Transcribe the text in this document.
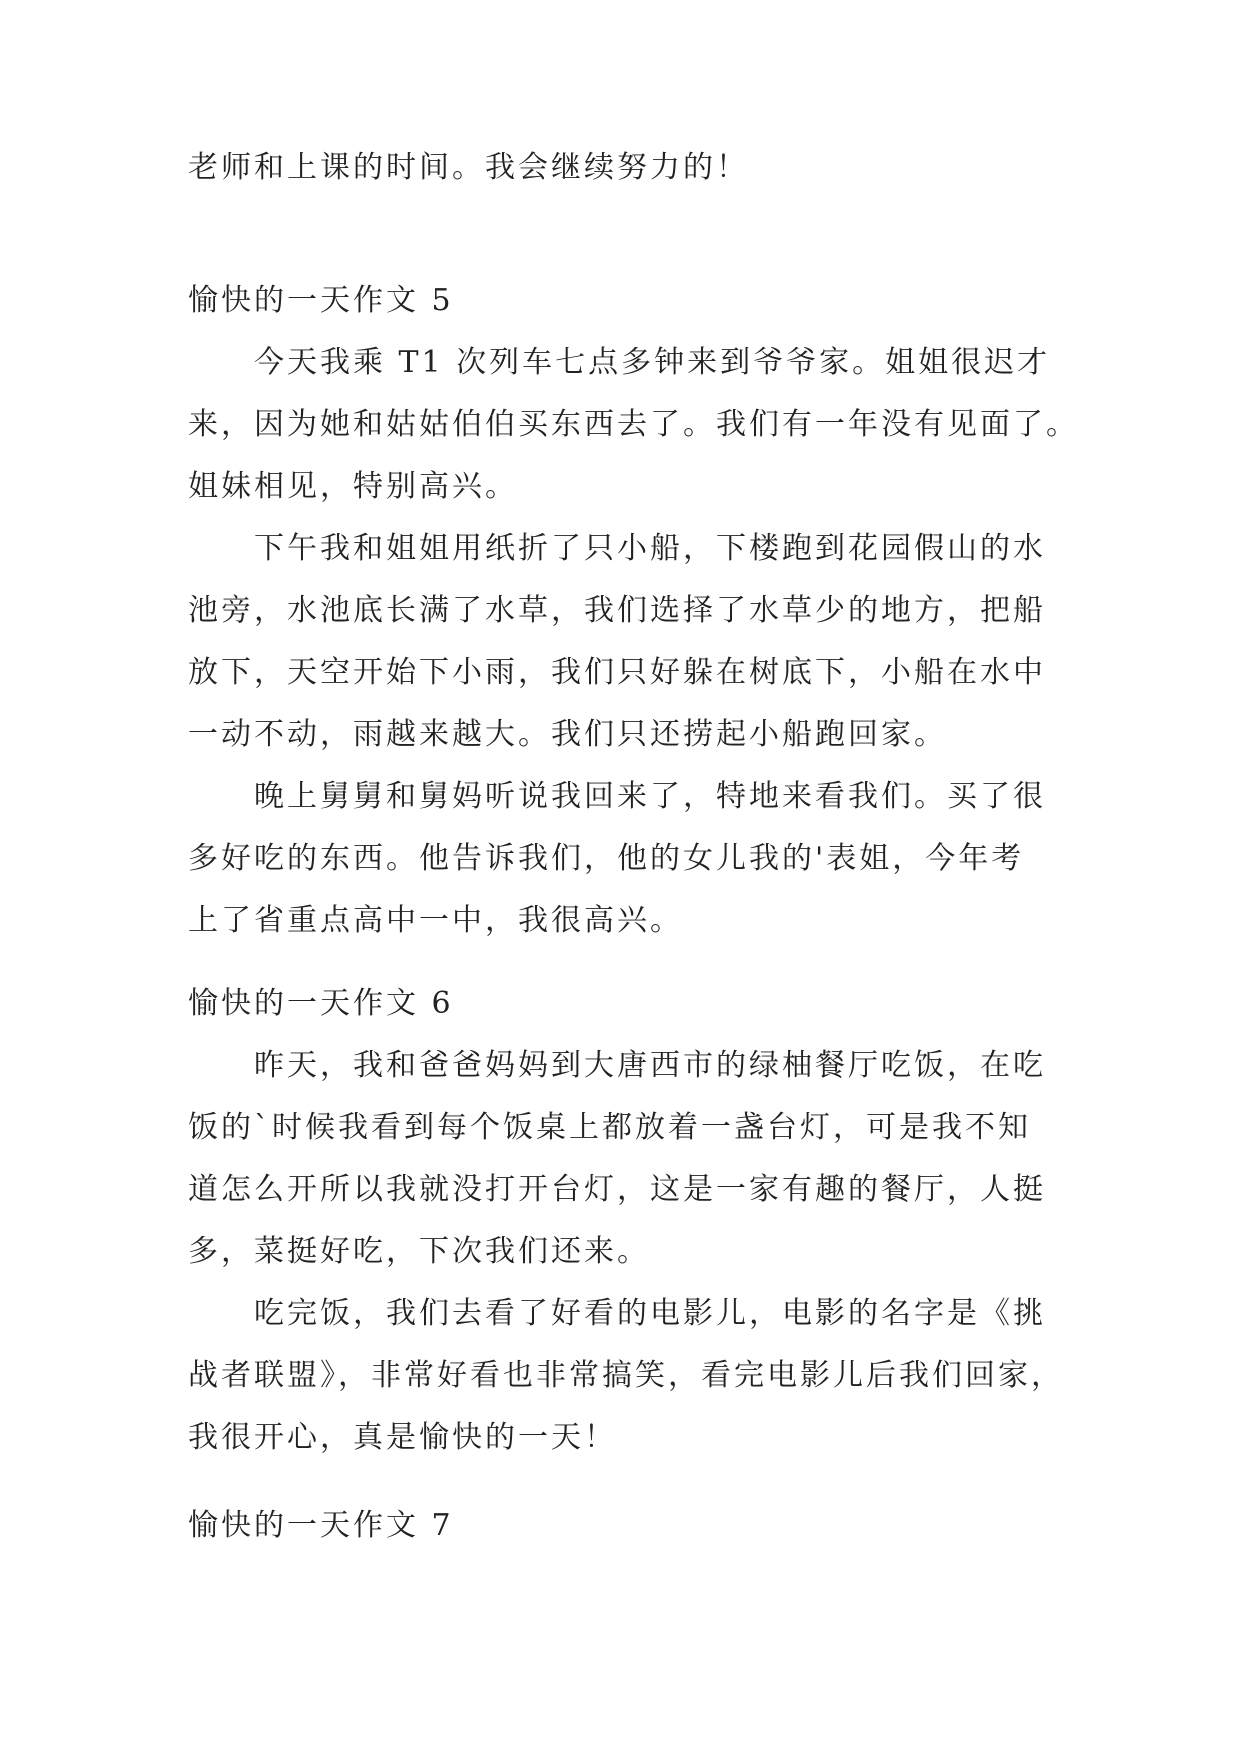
老师和上课的时间。我会继续努力的！
愉快的一天作文 5
今天我乘 T1 次列车七点多钟来到爷爷家。姐姐很迟才
来，因为她和姑姑伯伯买东西去了。我们有一年没有见面了。
姐妹相见，特别高兴。
下午我和姐姐用纸折了只小船，下楼跑到花园假山的水
池旁，水池底长满了水草，我们选择了水草少的地方，把船
放下，天空开始下小雨，我们只好躲在树底下，小船在水中
一动不动，雨越来越大。我们只还捞起小船跑回家。
晚上舅舅和舅妈听说我回来了，特地来看我们。买了很
多好吃的东西。他告诉我们，他的女儿我的'表姐，今年考
上了省重点高中一中，我很高兴。
愉快的一天作文 6
昨天，我和爸爸妈妈到大唐西市的绿柚餐厅吃饭，在吃
饭的`时候我看到每个饭桌上都放着一盏台灯，可是我不知
道怎么开所以我就没打开台灯，这是一家有趣的餐厅，人挺
多，菜挺好吃，下次我们还来。
吃完饭，我们去看了好看的电影儿，电影的名字是《挑
战者联盟》，非常好看也非常搞笑，看完电影儿后我们回家，
我很开心，真是愉快的一天！
愉快的一天作文 7
